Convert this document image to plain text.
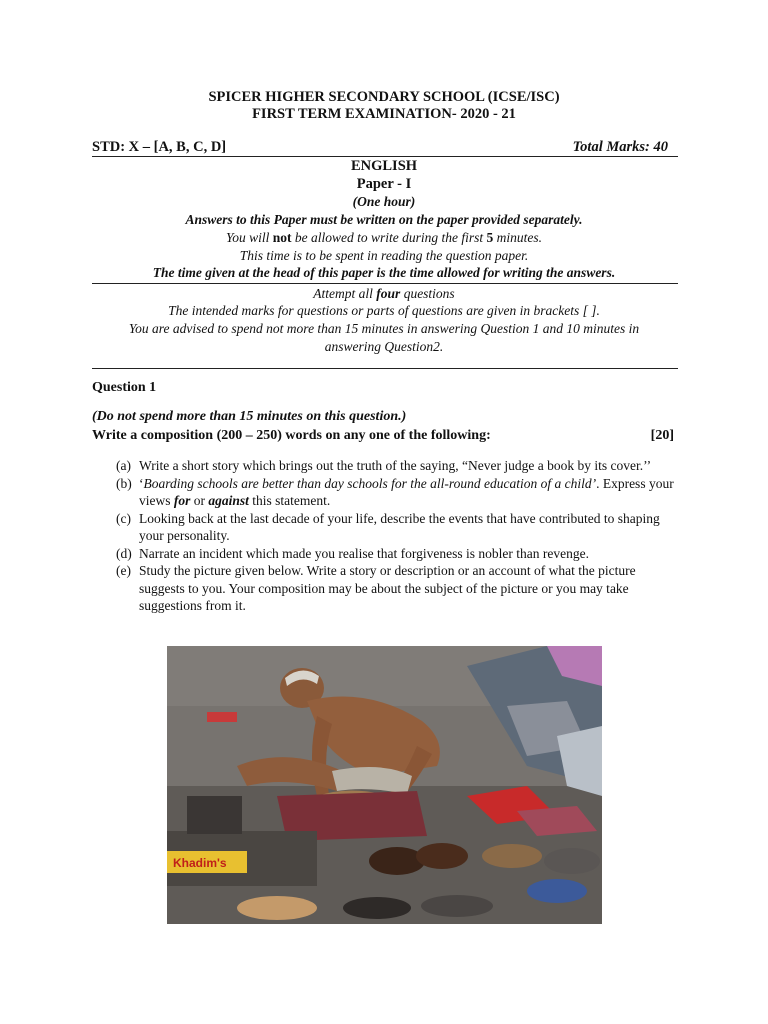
SPICER HIGHER SECONDARY SCHOOL (ICSE/ISC)
FIRST TERM EXAMINATION- 2020 - 21
STD: X – [A, B, C, D]	Total Marks: 40
ENGLISH
Paper - I
(One hour)
Answers to this Paper must be written on the paper provided separately.
You will not be allowed to write during the first 5 minutes.
This time is to be spent in reading the question paper.
The time given at the head of this paper is the time allowed for writing the answers.
Attempt all four questions
The intended marks for questions or parts of questions are given in brackets [ ].
You are advised to spend not more than 15 minutes in answering Question 1 and 10 minutes in
answering Question2.
Question 1
(Do not spend more than 15 minutes on this question.)
Write a composition (200 – 250) words on any one of the following:	[20]
(a) Write a short story which brings out the truth of the saying, “Never judge a book by its cover.’’
(b) ‘Boarding schools are better than day schools for the all-round education of a child’. Express your views for or against this statement.
(c) Looking back at the last decade of your life, describe the events that have contributed to shaping your personality.
(d) Narrate an incident which made you realise that forgiveness is nobler than revenge.
(e) Study the picture given below. Write a story or description or an account of what the picture suggests to you. Your composition may be about the subject of the picture or you may take suggestions from it.
Khadim's
